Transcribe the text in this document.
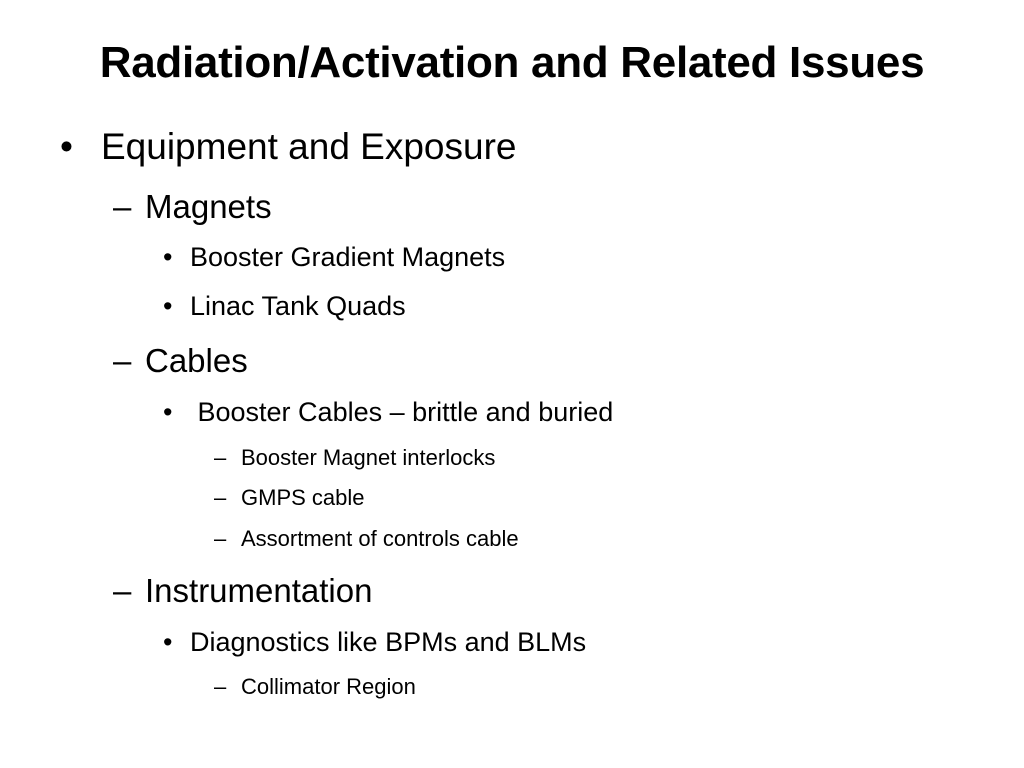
Radiation/Activation and Related Issues
• Equipment and Exposure
– Magnets
• Booster Gradient Magnets
• Linac Tank Quads
– Cables
• Booster Cables – brittle and buried
– Booster Magnet interlocks
– GMPS cable
– Assortment of controls cable
– Instrumentation
• Diagnostics like BPMs and BLMs
– Collimator Region
